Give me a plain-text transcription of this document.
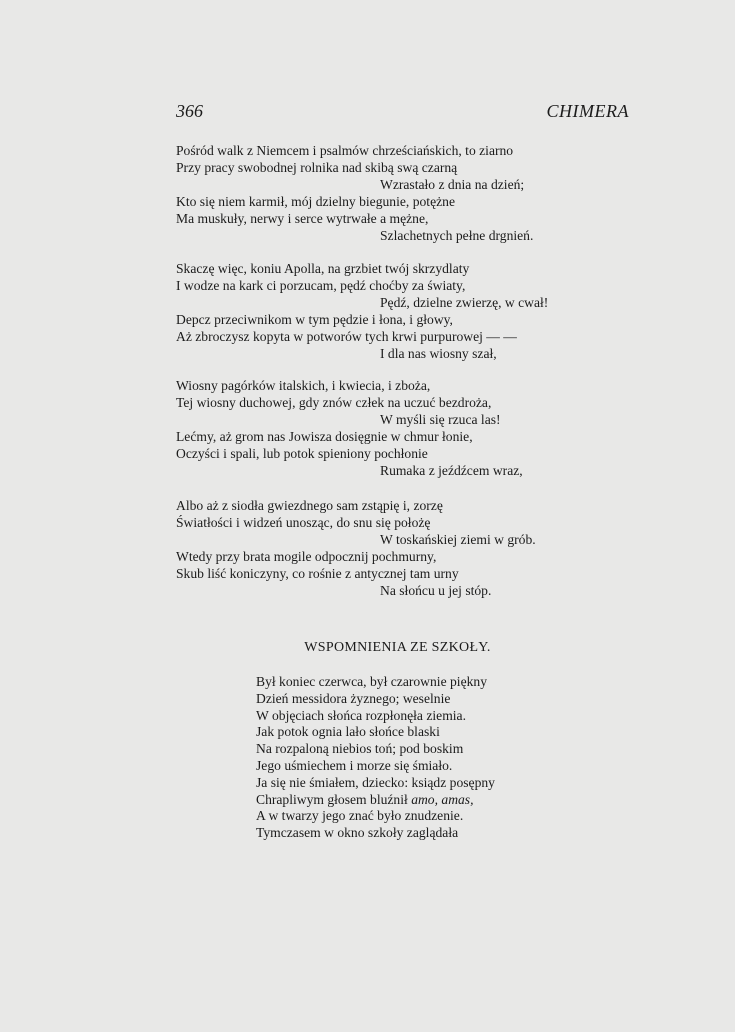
366	CHIMERA
Pośród walk z Niemcem i psalmów chrześciańskich, to ziarno
Przy pracy swobodnej rolnika nad skibą swą czarną
Wzrastało z dnia na dzień;
Kto się niem karmił, mój dzielny biegunie, potężne
Ma muskuły, nerwy i serce wytrwałe a mężne,
Szlachetnych pełne drgnień.
Skaczę więc, koniu Apolla, na grzbiet twój skrzydlaty
I wodze na kark ci porzucam, pędź choćby za światy,
Pędź, dzielne zwierzę, w cwał!
Depcz przeciwnikom w tym pędzie i łona, i głowy,
Aż zbroczysz kopyta w potworów tych krwi purpurowej — —
I dla nas wiosny szał,
Wiosny pagórków italskich, i kwiecia, i zboża,
Tej wiosny duchowej, gdy znów człek na uczuć bezdroża,
W myśli się rzuca las!
Lećmy, aż grom nas Jowisza dosięgnie w chmur łonie,
Oczyści i spali, lub potok spieniony pochłonie
Rumaka z jeźdźcem wraz,
Albo aż z siodła gwiezdnego sam zstąpię i, zorzę
Światłości i widzeń unosząc, do snu się położę
W toskańskiej ziemi w grób.
Wtedy przy brata mogile odpocznij pochmurny,
Skub liść koniczyny, co rośnie z antycznej tam urny
Na słońcu u jej stóp.
WSPOMNIENIA ZE SZKOŁY.
Był koniec czerwca, był czarownie piękny
Dzień messidora żyznego; weselnie
W objęciach słońca rozpłonęła ziemia.
Jak potok ognia lało słońce blaski
Na rozpaloną niebios toń; pod boskim
Jego uśmiechem i morze się śmiało.
Ja się nie śmiałem, dziecko: ksiądz posępny
Chrapliwym głosem bluźnił amo, amas,
A w twarzy jego znać było znudzenie.
Tymczasem w okno szkoły zaglądała
